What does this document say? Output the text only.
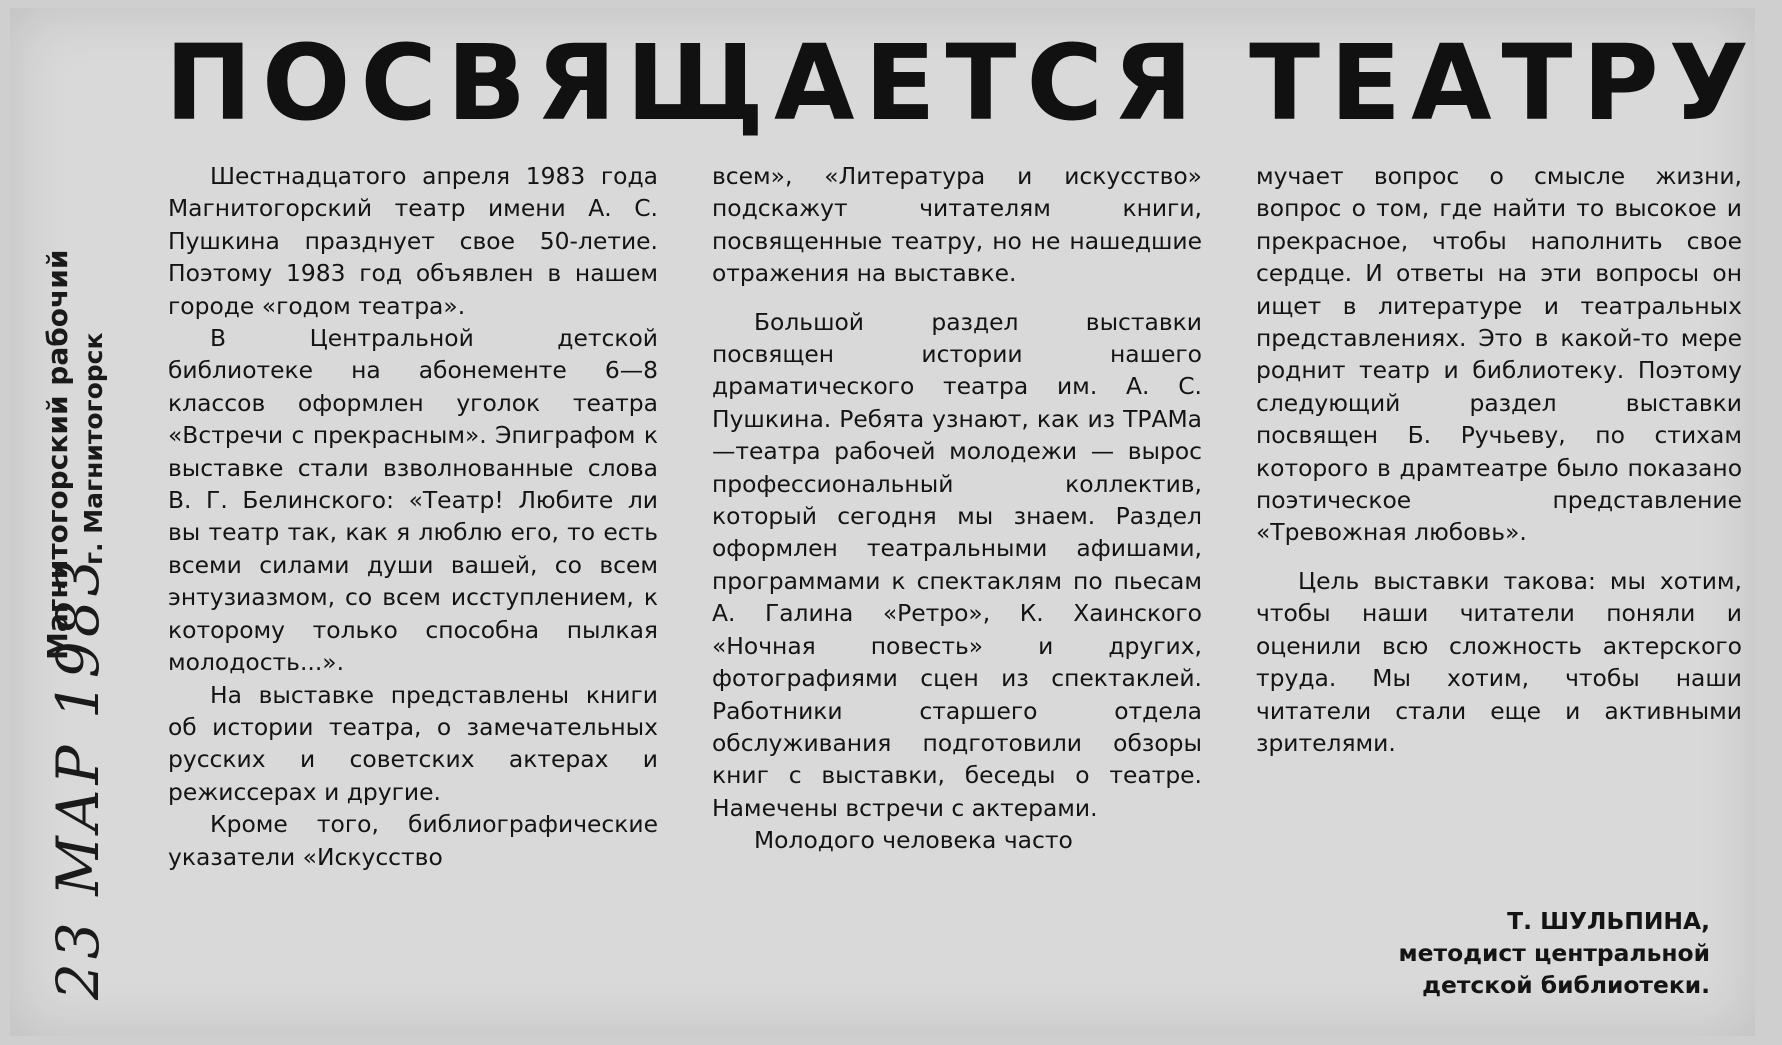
ПОСВЯЩАЕТСЯ ТЕАТРУ
Магнитогорский рабочий г. Магнитогорск
23 МАР 1983

Шестнадцатого апреля 1983 года Магнитогорский театр имени А. С. Пушкина празднует свое 50-летие. Поэтому 1983 год объявлен в нашем городе «годом театра».

В Центральной детской библиотеке на абонементе 6—8 классов оформлен уголок театра «Встречи с прекрасным». Эпиграфом к выставке стали взволнованные слова В. Г. Белинского: «Театр! Любите ли вы театр так, как я люблю его, то есть всеми силами души вашей, со всем энтузиазмом, со всем исступлением, к которому только способна пылкая молодость...».

На выставке представлены книги об истории театра, о замечательных русских и советских актерах и режиссерах и другие.

Кроме того, библиографические указатели «Искусство

всем», «Литература и искусство» подскажут читателям книги, посвященные театру, но не нашедшие отражения на выставке.

Большой раздел выставки посвящен истории нашего драматического театра им. А. С. Пушкина. Ребята узнают, как из ТРАМа—театра рабочей молодежи — вырос профессиональный коллектив, который сегодня мы знаем. Раздел оформлен театральными афишами, программами к спектаклям по пьесам А. Галина «Ретро», К. Хаинского «Ночная повесть» и других, фотографиями сцен из спектаклей. Работники старшего отдела обслуживания подготовили обзоры книг с выставки, беседы о театре. Намечены встречи с актерами.

Молодого человека часто

мучает вопрос о смысле жизни, вопрос о том, где найти то высокое и прекрасное, чтобы наполнить свое сердце. И ответы на эти вопросы он ищет в литературе и театральных представлениях. Это в какой-то мере роднит театр и библиотеку. Поэтому следующий раздел выставки посвящен Б. Ручьеву, по стихам которого в драмтеатре было показано поэтическое представление «Тревожная любовь».

Цель выставки такова: мы хотим, чтобы наши читатели поняли и оценили всю сложность актерского труда. Мы хотим, чтобы наши читатели стали еще и активными зрителями.

Т. ШУЛЬПИНА,
методист центральной
детской библиотеки.
